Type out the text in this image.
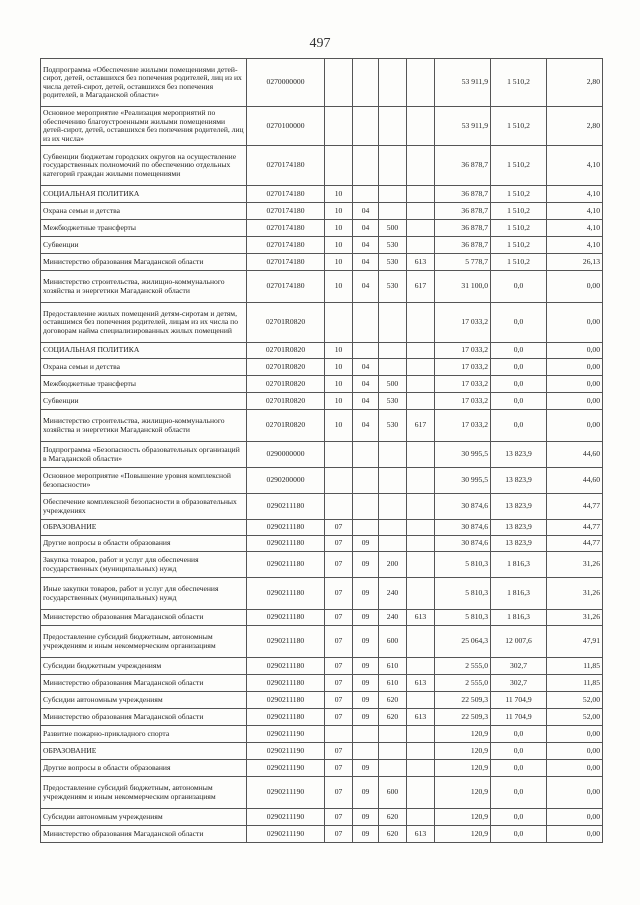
497
Подпрограмма «Обеспечение жилыми помещениями детей-сирот, детей, оставшихся без попечения родителей, лиц из их числа детей-сирот, детей, оставшихся без попечения родителей, в Магаданской области»	0270000000					53 911,9	1 510,2	2,80
Основное мероприятие «Реализация мероприятий по обеспечению благоустроенными жилыми помещениями детей-сирот, детей, оставшихся без попечения родителей, лиц из их числа»	0270100000					53 911,9	1 510,2	2,80
Субвенции бюджетам городских округов на осуществление государственных полномочий по обеспечению отдельных категорий граждан жилыми помещениями	0270174180					36 878,7	1 510,2	4,10
СОЦИАЛЬНАЯ ПОЛИТИКА	0270174180	10				36 878,7	1 510,2	4,10
Охрана семьи и детства	0270174180	10	04			36 878,7	1 510,2	4,10
Межбюджетные трансферты	0270174180	10	04	500		36 878,7	1 510,2	4,10
Субвенции	0270174180	10	04	530		36 878,7	1 510,2	4,10
Министерство образования Магаданской области	0270174180	10	04	530	613	5 778,7	1 510,2	26,13
Министерство строительства, жилищно-коммунального хозяйства и энергетики Магаданской области	0270174180	10	04	530	617	31 100,0	0,0	0,00
Предоставление жилых помещений детям-сиротам и детям, оставшимся без попечения родителей, лицам из их числа по договорам найма специализированных жилых помещений	02701R0820					17 033,2	0,0	0,00
СОЦИАЛЬНАЯ ПОЛИТИКА	02701R0820	10				17 033,2	0,0	0,00
Охрана семьи и детства	02701R0820	10	04			17 033,2	0,0	0,00
Межбюджетные трансферты	02701R0820	10	04	500		17 033,2	0,0	0,00
Субвенции	02701R0820	10	04	530		17 033,2	0,0	0,00
Министерство строительства, жилищно-коммунального хозяйства и энергетики Магаданской области	02701R0820	10	04	530	617	17 033,2	0,0	0,00
Подпрограмма «Безопасность образовательных организаций в Магаданской области»	0290000000					30 995,5	13 823,9	44,60
Основное мероприятие «Повышение уровня комплексной безопасности»	0290200000					30 995,5	13 823,9	44,60
Обеспечение комплексной безопасности в образовательных учреждениях	0290211180					30 874,6	13 823,9	44,77
ОБРАЗОВАНИЕ	0290211180	07				30 874,6	13 823,9	44,77
Другие вопросы в области образования	0290211180	07	09			30 874,6	13 823,9	44,77
Закупка товаров, работ и услуг для обеспечения государственных (муниципальных) нужд	0290211180	07	09	200		5 810,3	1 816,3	31,26
Иные закупки товаров, работ и услуг для обеспечения государственных (муниципальных) нужд	0290211180	07	09	240		5 810,3	1 816,3	31,26
Министерство образования Магаданской области	0290211180	07	09	240	613	5 810,3	1 816,3	31,26
Предоставление субсидий бюджетным, автономным учреждениям и иным некоммерческим организациям	0290211180	07	09	600		25 064,3	12 007,6	47,91
Субсидии бюджетным учреждениям	0290211180	07	09	610		2 555,0	302,7	11,85
Министерство образования Магаданской области	0290211180	07	09	610	613	2 555,0	302,7	11,85
Субсидии автономным учреждениям	0290211180	07	09	620		22 509,3	11 704,9	52,00
Министерство образования Магаданской области	0290211180	07	09	620	613	22 509,3	11 704,9	52,00
Развитие пожарно-прикладного спорта	0290211190					120,9	0,0	0,00
ОБРАЗОВАНИЕ	0290211190	07				120,9	0,0	0,00
Другие вопросы в области образования	0290211190	07	09			120,9	0,0	0,00
Предоставление субсидий бюджетным, автономным учреждениям и иным некоммерческим организациям	0290211190	07	09	600		120,9	0,0	0,00
Субсидии автономным учреждениям	0290211190	07	09	620		120,9	0,0	0,00
Министерство образования Магаданской области	0290211190	07	09	620	613	120,9	0,0	0,00
